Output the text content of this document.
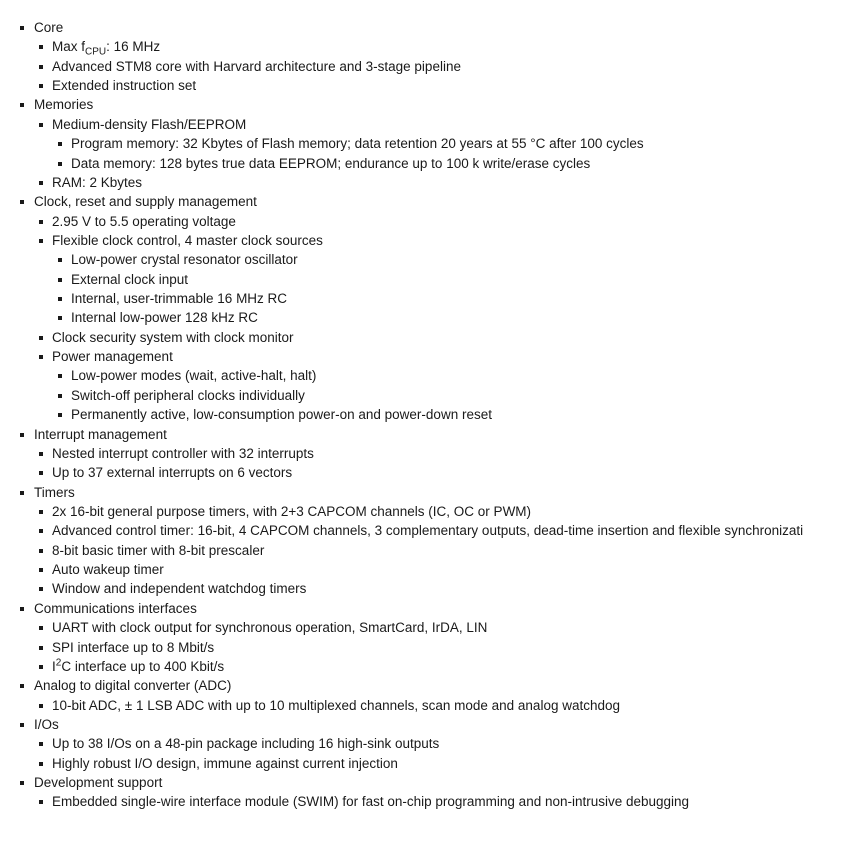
Core
Max $f_{CPU}$: 16 MHz
Advanced STM8 core with Harvard architecture and 3-stage pipeline
Extended instruction set
Memories
Medium-density Flash/EEPROM
Program memory: 32 Kbytes of Flash memory; data retention 20 years at 55 °C after 100 cycles
Data memory: 128 bytes true data EEPROM; endurance up to 100 k write/erase cycles
RAM: 2 Kbytes
Clock, reset and supply management
2.95 V to 5.5 operating voltage
Flexible clock control, 4 master clock sources
Low-power crystal resonator oscillator
External clock input
Internal, user-trimmable 16 MHz RC
Internal low-power 128 kHz RC
Clock security system with clock monitor
Power management
Low-power modes (wait, active-halt, halt)
Switch-off peripheral clocks individually
Permanently active, low-consumption power-on and power-down reset
Interrupt management
Nested interrupt controller with 32 interrupts
Up to 37 external interrupts on 6 vectors
Timers
2x 16-bit general purpose timers, with 2+3 CAPCOM channels (IC, OC or PWM)
Advanced control timer: 16-bit, 4 CAPCOM channels, 3 complementary outputs, dead-time insertion and flexible synchronizati
8-bit basic timer with 8-bit prescaler
Auto wakeup timer
Window and independent watchdog timers
Communications interfaces
UART with clock output for synchronous operation, SmartCard, IrDA, LIN
SPI interface up to 8 Mbit/s
$I^2C$ interface up to 400 Kbit/s
Analog to digital converter (ADC)
10-bit ADC, ± 1 LSB ADC with up to 10 multiplexed channels, scan mode and analog watchdog
I/Os
Up to 38 I/Os on a 48-pin package including 16 high-sink outputs
Highly robust I/O design, immune against current injection
Development support
Embedded single-wire interface module (SWIM) for fast on-chip programming and non-intrusive debugging
